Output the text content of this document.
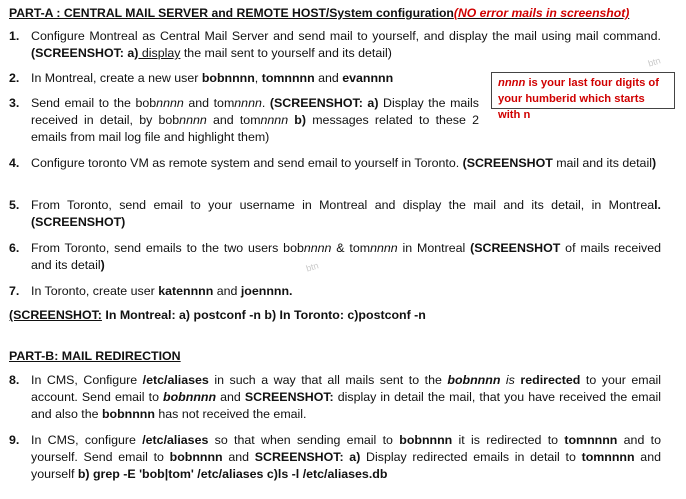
PART-A : CENTRAL MAIL SERVER and REMOTE HOST/System configuration(NO error mails in screenshot)
1. Configure Montreal as Central Mail Server and send mail to yourself, and display the mail using mail command. (SCREENSHOT: a) display the mail sent to yourself and its detail)
2. In Montreal, create a new user bobnnnn, tomnnnn and evannnn
3. Send email to the bobnnnn and tomnnnn. (SCREENSHOT: a) Display the mails received in detail, by bobnnnn and tomnnnn b) messages related to these 2 emails from mail log file and highlight them)
nnnn is your last four digits of your humberid which starts with n
4. Configure toronto VM as remote system and send email to yourself in Toronto. (SCREENSHOT mail and its detail)
5. From Toronto, send email to your username in Montreal and display the mail and its detail, in Montreal. (SCREENSHOT)
6. From Toronto, send emails to the two users bobnnnn & tomnnnn in Montreal (SCREENSHOT of mails received and its detail)
7. In Toronto, create user katennnn and joennnn.
(SCREENSHOT: In Montreal: a) postconf -n b) In Toronto: c)postconf -n
PART-B: MAIL REDIRECTION
8. In CMS, Configure /etc/aliases in such a way that all mails sent to the bobnnnn is redirected to your email account. Send email to bobnnnn and SCREENSHOT: display in detail the mail, that you have received the email and also the bobnnnn has not received the email.
9. In CMS, configure /etc/aliases so that when sending email to bobnnnn it is redirected to tomnnnn and to yourself. Send email to bobnnnn and SCREENSHOT: a) Display redirected emails in detail to tomnnnn and yourself b) grep -E 'bob|tom' /etc/aliases c)ls -l /etc/aliases.db
btn
btn
